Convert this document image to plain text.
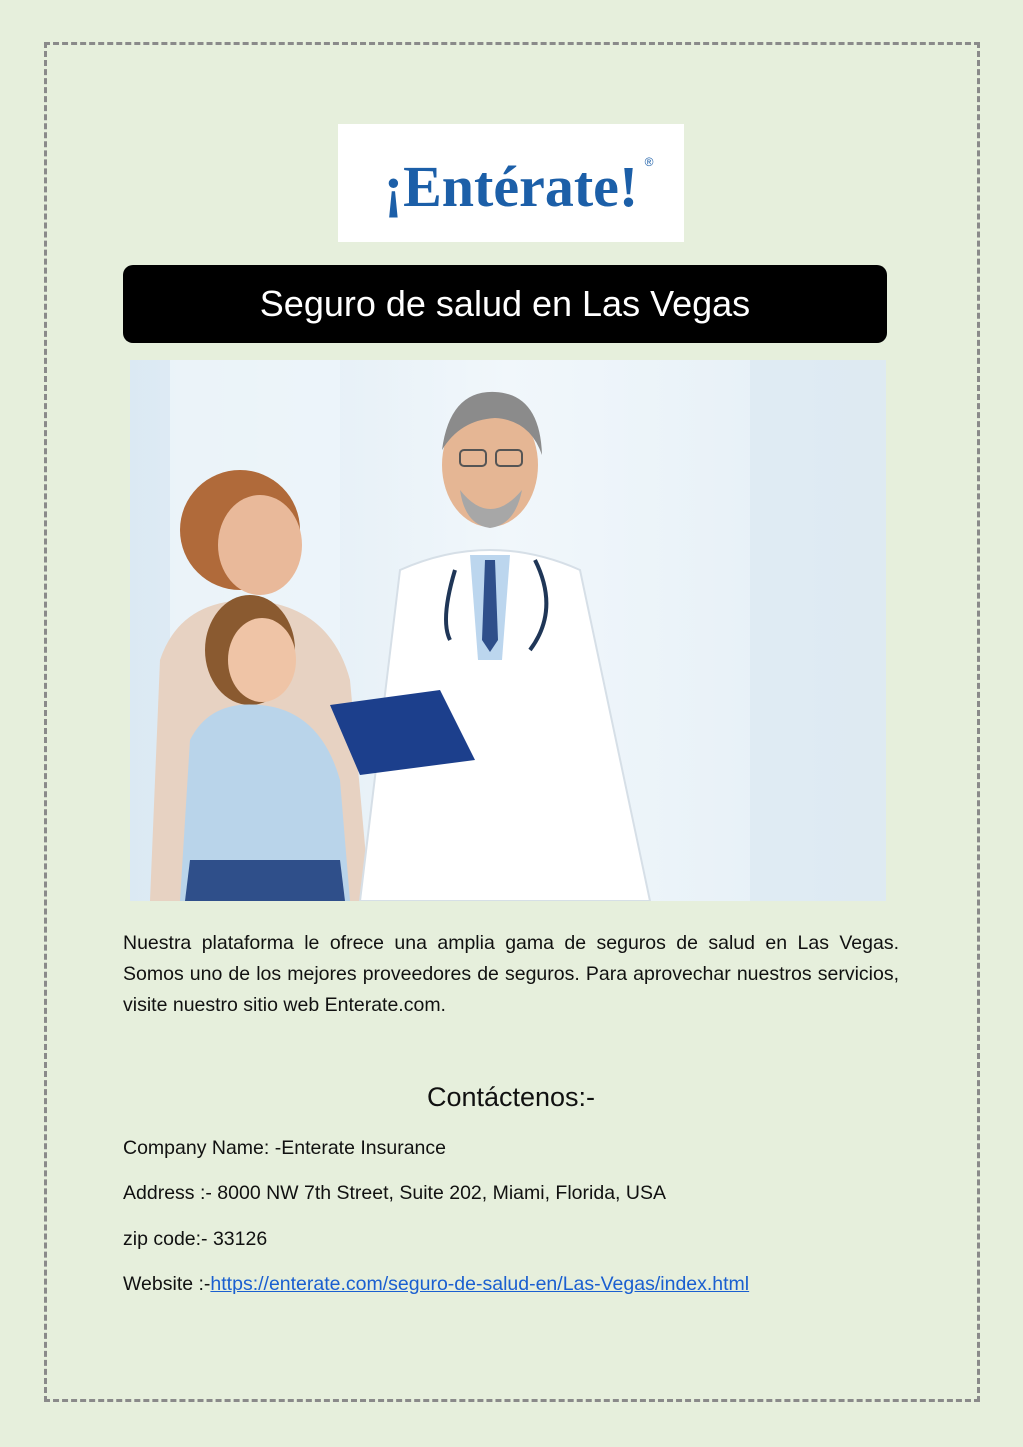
¡Entérate! ®
Seguro de salud en Las Vegas

Nuestra plataforma le ofrece una amplia gama de seguros de salud en Las Vegas. Somos uno de los mejores proveedores de seguros. Para aprovechar nuestros servicios, visite nuestro sitio web Enterate.com.

Contáctenos:-
Company Name: -Enterate Insurance
Address :- 8000 NW 7th Street, Suite 202, Miami, Florida, USA
zip code:- 33126
Website :-https://enterate.com/seguro-de-salud-en/Las-Vegas/index.html
